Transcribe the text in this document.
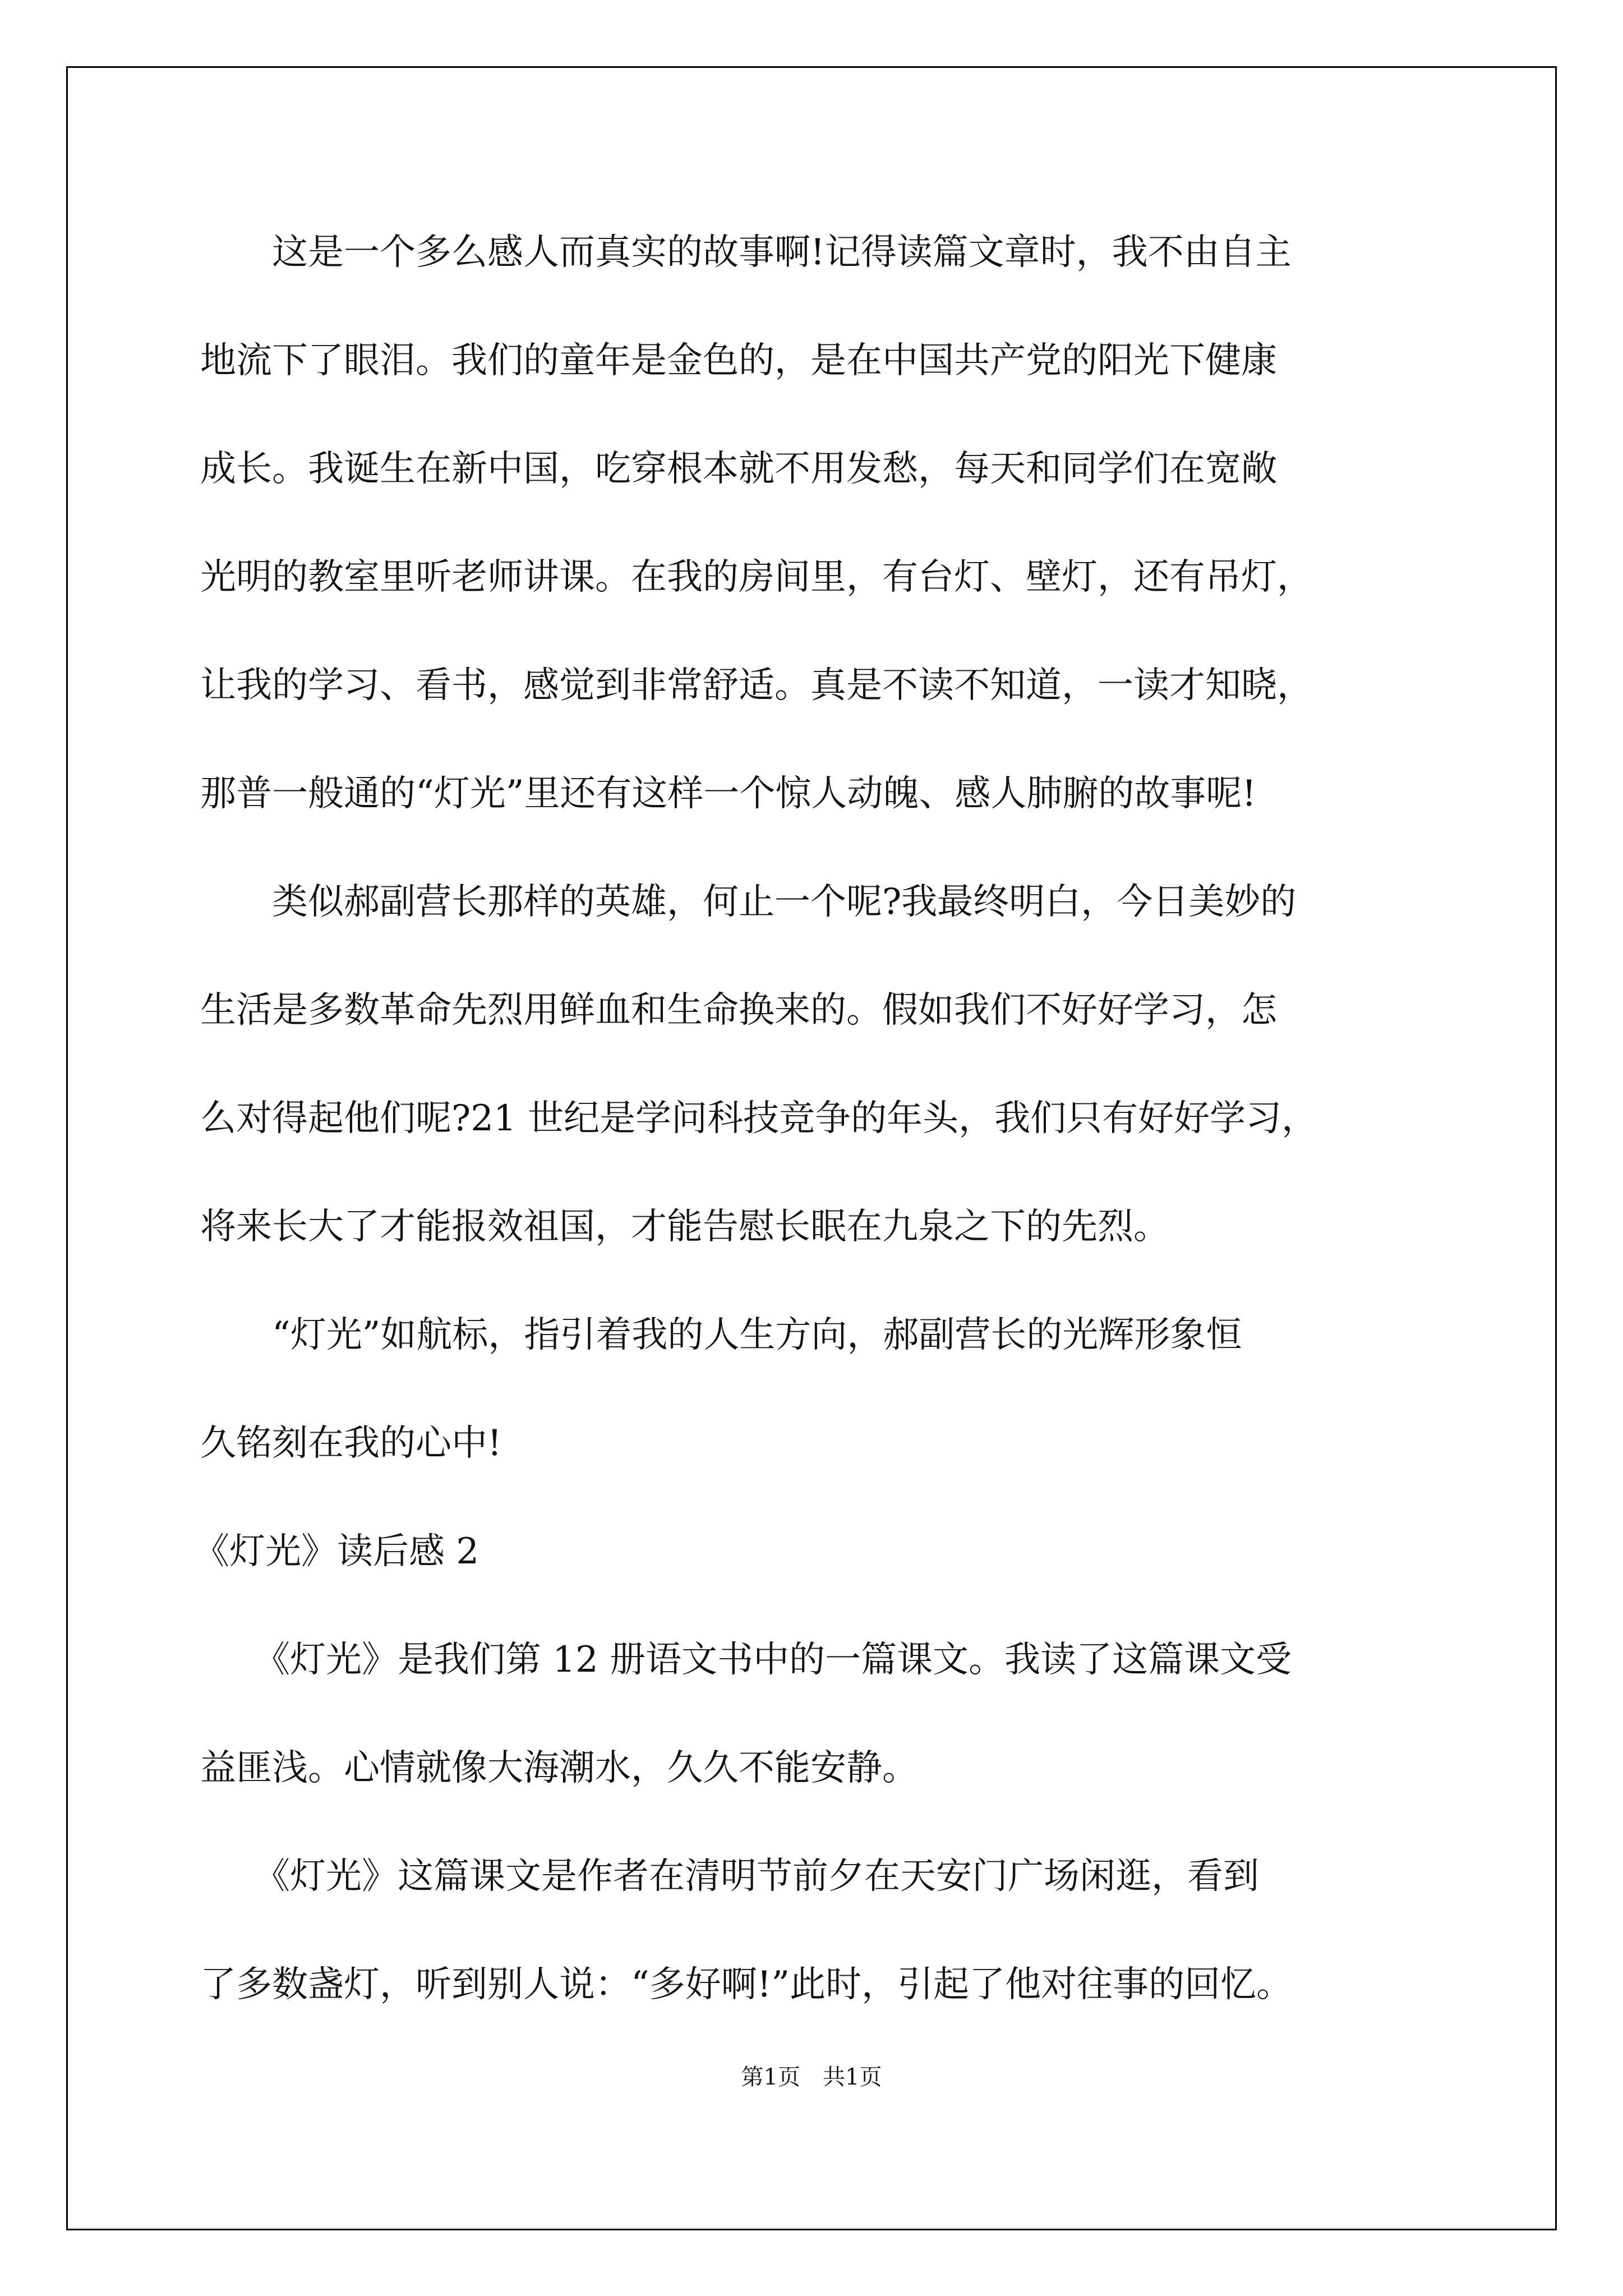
　　这是一个多么感人而真实的故事啊!记得读篇文章时，我不由自主
地流下了眼泪。我们的童年是金色的，是在中国共产党的阳光下健康
成长。我诞生在新中国，吃穿根本就不用发愁，每天和同学们在宽敞
光明的教室里听老师讲课。在我的房间里，有台灯、壁灯，还有吊灯，
让我的学习、看书，感觉到非常舒适。真是不读不知道，一读才知晓，
那普一般通的“灯光”里还有这样一个惊人动魄、感人肺腑的故事呢!
　　类似郝副营长那样的英雄，何止一个呢?我最终明白，今日美妙的
生活是多数革命先烈用鲜血和生命换来的。假如我们不好好学习，怎
么对得起他们呢?21 世纪是学问科技竞争的年头，我们只有好好学习，
将来长大了才能报效祖国，才能告慰长眠在九泉之下的先烈。
　　“灯光”如航标，指引着我的人生方向，郝副营长的光辉形象恒
久铭刻在我的心中!
《灯光》读后感 2
　　《灯光》是我们第 12 册语文书中的一篇课文。我读了这篇课文受
益匪浅。心情就像大海潮水，久久不能安静。
　　《灯光》这篇课文是作者在清明节前夕在天安门广场闲逛，看到
了多数盏灯，听到别人说：“多好啊!”此时，引起了他对往事的回忆。
第1页　共1页
